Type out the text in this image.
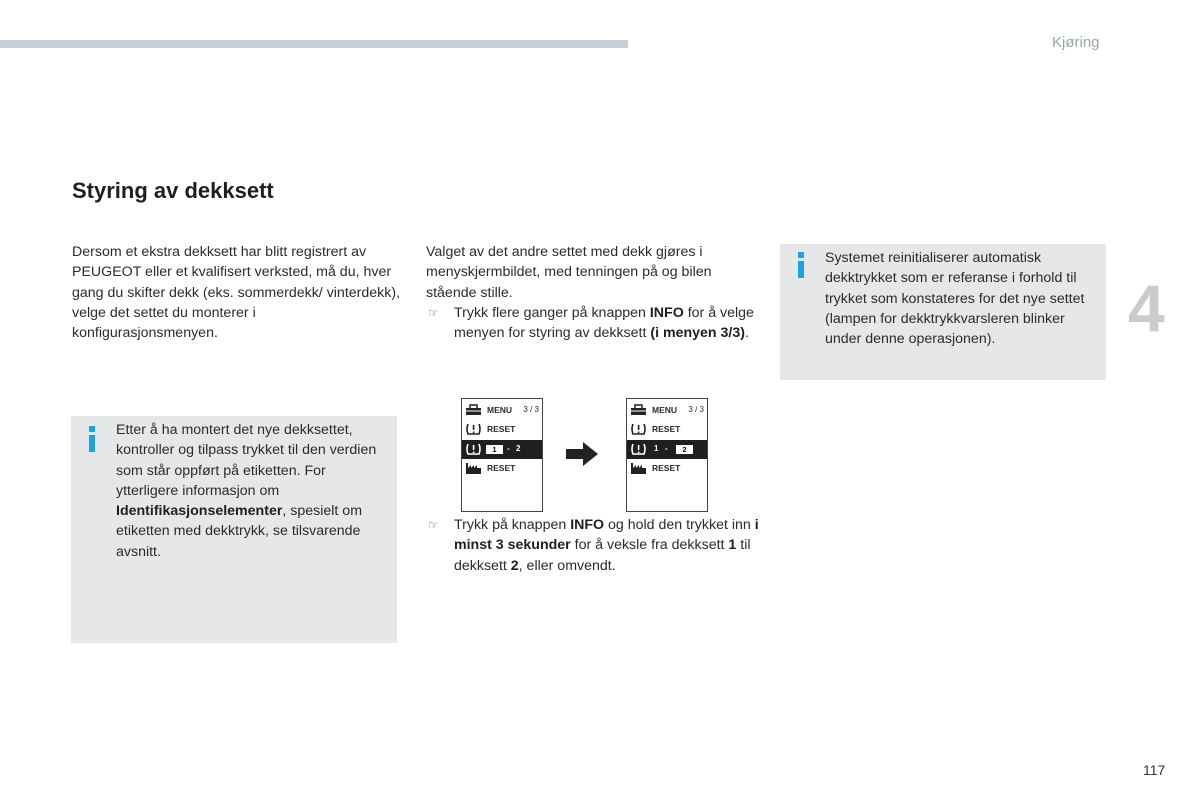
Kjøring
Styring av dekksett
Dersom et ekstra dekksett har blitt registrert av PEUGEOT eller et kvalifisert verksted, må du, hver gang du skifter dekk (eks. sommerdekk/ vinterdekk), velge det settet du monterer i konfigurasjonsmenyen.
Etter å ha montert det nye dekksettet, kontroller og tilpass trykket til den verdien som står oppført på etiketten. For ytterligere informasjon om Identifikasjonselementer, spesielt om etiketten med dekktrykk, se tilsvarende avsnitt.
Valget av det andre settet med dekk gjøres i menyskjermbildet, med tenningen på og bilen stående stille.
☞ Trykk flere ganger på knappen INFO for å velge menyen for styring av dekksett (i menyen 3/3).
MENU 3 / 3
RESET
1	- 2
RESET
MENU 3 / 3
RESET
1 -	2
RESET
☞ Trykk på knappen INFO og hold den trykket inn i minst 3 sekunder for å veksle fra dekksett 1 til dekksett 2, eller omvendt.
Systemet reinitialiserer automatisk dekktrykket som er referanse i forhold til trykket som konstateres for det nye settet (lampen for dekktrykkvarsleren blinker under denne operasjonen).	4
117
